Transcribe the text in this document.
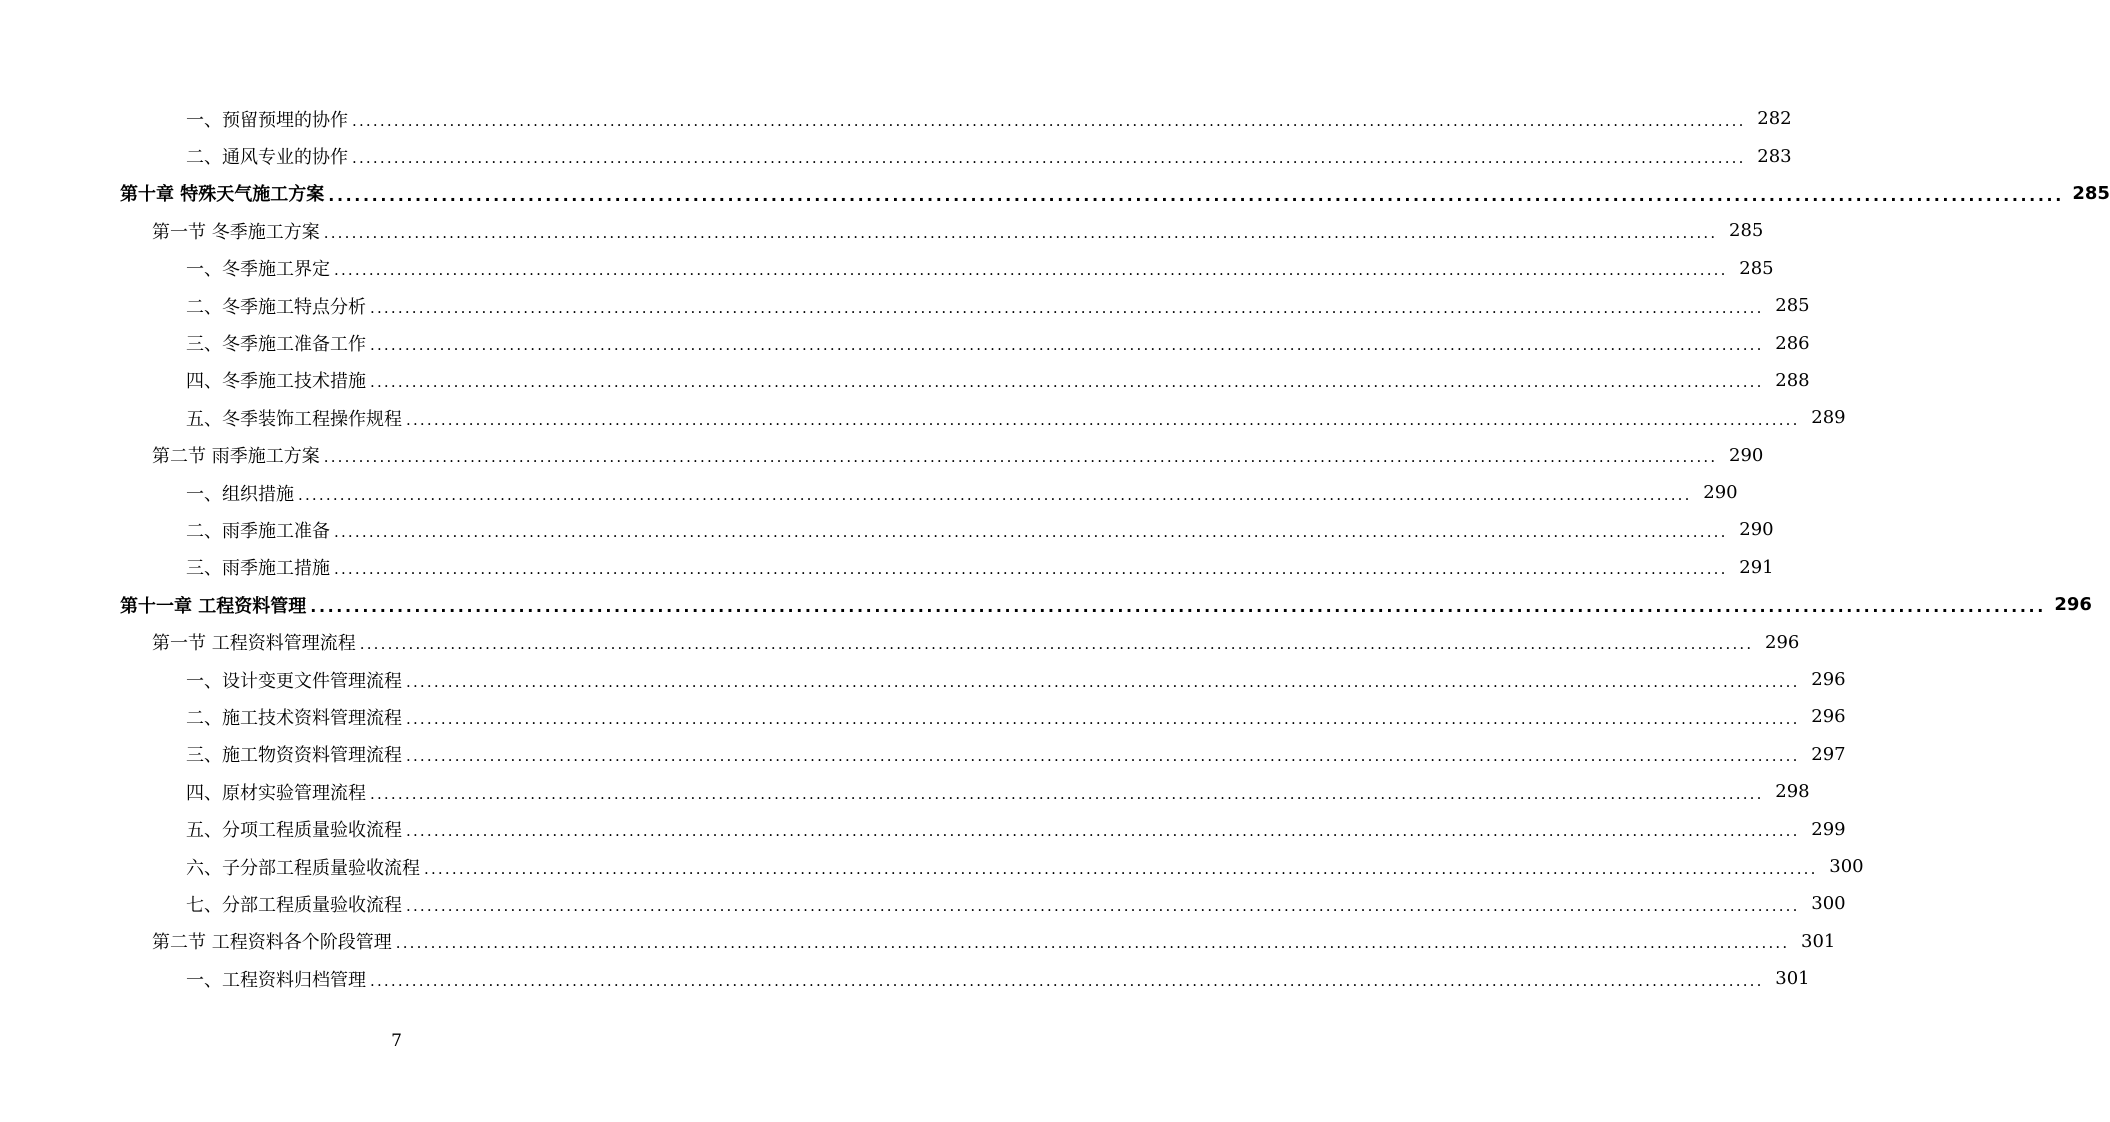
一、预留预埋的协作 ........................................................................................................................................................................................................ 282
二、通风专业的协作 ........................................................................................................................................................................................................ 283
第十章 特殊天气施工方案 ........................................................................................................................................................................................................ 285
第一节 冬季施工方案 ........................................................................................................................................................................................................ 285
一、冬季施工界定 ........................................................................................................................................................................................................ 285
二、冬季施工特点分析 ........................................................................................................................................................................................................ 285
三、冬季施工准备工作 ........................................................................................................................................................................................................ 286
四、冬季施工技术措施 ........................................................................................................................................................................................................ 288
五、冬季装饰工程操作规程 ........................................................................................................................................................................................................ 289
第二节 雨季施工方案 ........................................................................................................................................................................................................ 290
一、组织措施 ........................................................................................................................................................................................................ 290
二、雨季施工准备 ........................................................................................................................................................................................................ 290
三、雨季施工措施 ........................................................................................................................................................................................................ 291
第十一章 工程资料管理 ........................................................................................................................................................................................................ 296
第一节 工程资料管理流程 ........................................................................................................................................................................................................ 296
一、设计变更文件管理流程 ........................................................................................................................................................................................................ 296
二、施工技术资料管理流程 ........................................................................................................................................................................................................ 296
三、施工物资资料管理流程 ........................................................................................................................................................................................................ 297
四、原材实验管理流程 ........................................................................................................................................................................................................ 298
五、分项工程质量验收流程 ........................................................................................................................................................................................................ 299
六、子分部工程质量验收流程 ........................................................................................................................................................................................................ 300
七、分部工程质量验收流程 ........................................................................................................................................................................................................ 300
第二节 工程资料各个阶段管理 ........................................................................................................................................................................................................ 301
一、工程资料归档管理 ........................................................................................................................................................................................................ 301
7
